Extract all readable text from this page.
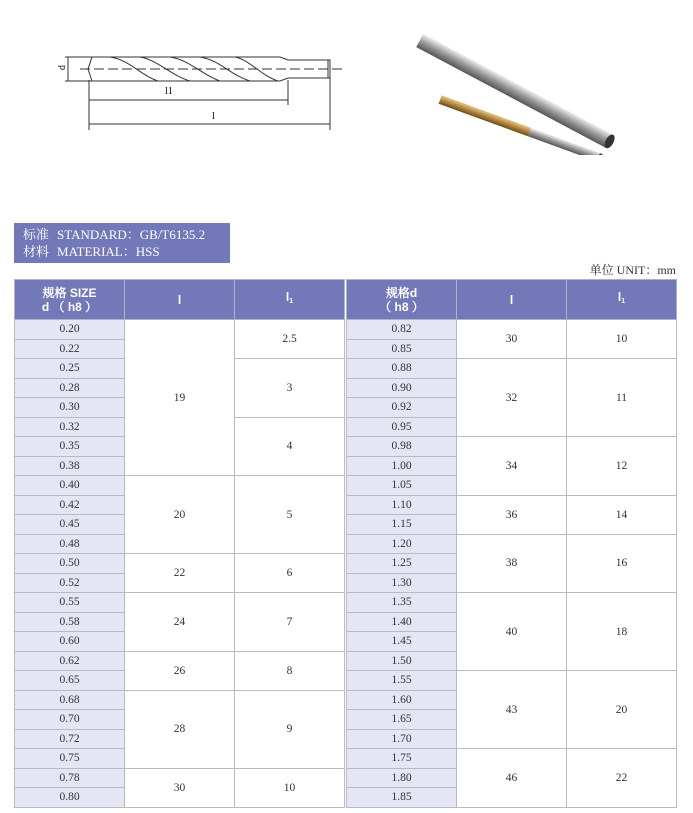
d
l1
l
标准 STANDARD：GB/T6135.2
材料 MATERIAL：HSS
单位 UNIT：mm
规格 SIZE
d （ h8 ）	l	$l_1$
0.20	19	2.5
0.22		
0.25		3
0.28		
0.30		
0.32		4
0.35		
0.38		
0.40	20	5
0.42		
0.45		
0.48		
0.50	22	6
0.52		
0.55	24	7
0.58		
0.60		
0.62	26	8
0.65		
0.68	28	9
0.70		
0.72		
0.75		
0.78	30	10
0.80		
规格d
（ h8 ）	l	$l_1$
0.82	30	10
0.85		
0.88	32	11
0.90		
0.92		
0.95		
0.98	34	12
1.00		
1.05		
1.10	36	14
1.15		
1.20	38	16
1.25		
1.30		
1.35	40	18
1.40		
1.45		
1.50		
1.55	43	20
1.60		
1.65		
1.70		
1.75	46	22
1.80		
1.85		
